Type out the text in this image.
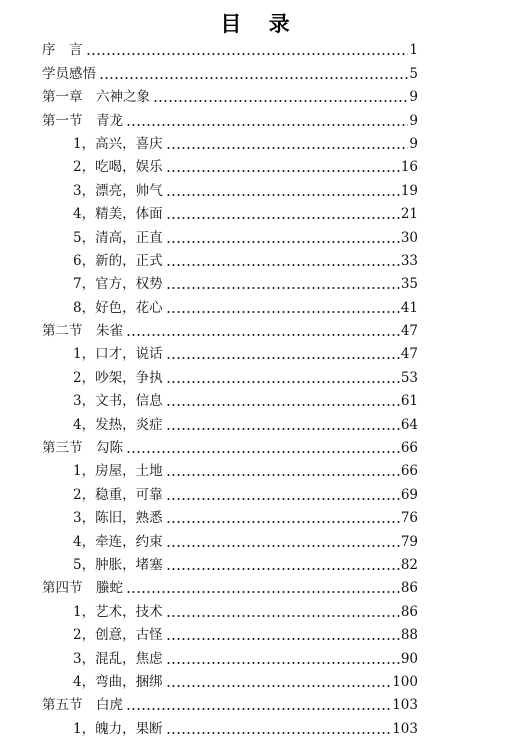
目 录
序　言	1
学员感悟	5
第一章　六神之象	9
第一节　青龙	9
1，高兴，喜庆	9
2，吃喝，娱乐	16
3，漂亮，帅气	19
4，精美，体面	21
5，清高，正直	30
6，新的，正式	33
7，官方，权势	35
8，好色，花心	41
第二节　朱雀	47
1，口才，说话	47
2，吵架，争执	53
3，文书，信息	61
4，发热，炎症	64
第三节　勾陈	66
1，房屋，土地	66
2，稳重，可靠	69
3，陈旧，熟悉	76
4，牵连，约束	79
5，肿胀，堵塞	82
第四节　螣蛇	86
1，艺术，技术	86
2，创意，古怪	88
3，混乱，焦虑	90
4，弯曲，捆绑	100
第五节　白虎	103
1，魄力，果断	103
